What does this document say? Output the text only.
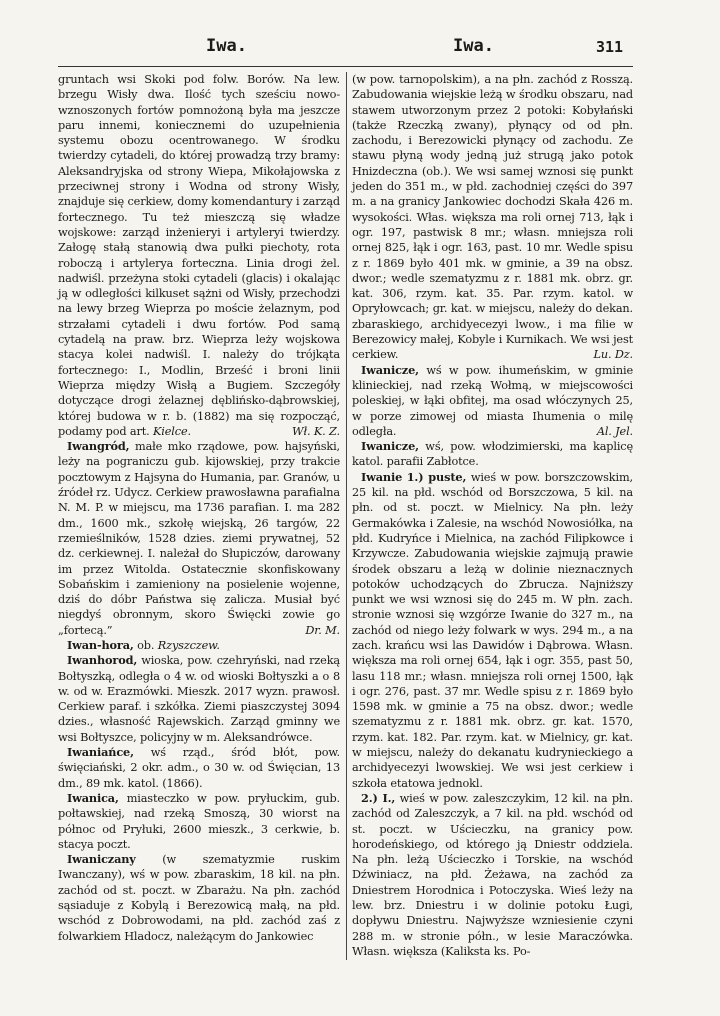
Iwa.	Iwa.	311

gruntach wsi Skoki pod folw. Borów. Na lew. brzegu Wisły dwa. Ilość tych sześciu nowo-wznoszonych fortów pomnożoną była ma jeszcze paru innemi, koniecznemi do uzupełnienia systemu obozu ocentrowanego. W środku twierdzy cytadeli, do której prowadzą trzy bramy: Aleksandryjska od strony Wiepa, Mikołajowska z przeciwnej strony i Wodna od strony Wisły, znajduje się cerkiew, domy komendantury i zarząd fortecznego. Tu też mieszczą się władze wojskowe: zarząd inżenieryi i artyleryi twierdzy. Załogę stałą stanowią dwa pułki piechoty, rota roboczą i artylerya forteczna. Linia drogi żel. nadwiśl. przeżyna stoki cytadeli (glacis) i okalając ją w odległości kilkuset sążni od Wisły, przechodzi na lewy brzeg Wieprza po moście żelaznym, pod strzałami cytadeli i dwu fortów. Pod samą cytadelą na praw. brz. Wieprza leży wojskowa stacya kolei nadwiśl. I. należy do trójkąta fortecznego: I., Modlin, Brześć i broni linii Wieprza między Wisłą a Bugiem. Szczegóły dotyczące drogi żelaznej dęblińsko-dąbrowskiej, której budowa w r. b. (1882) ma się rozpocząć, podamy pod art. Kielce.	Wł. K. Z.

Iwangród, małe mko rządowe, pow. hajsyński, leży na pograniczu gub. kijowskiej, przy trakcie pocztowym z Hajsyna do Humania, par. Granów, u źródeł rz. Udycz. Cerkiew prawosławna parafialna N. M. P. w miejscu, ma 1736 parafian. I. ma 282 dm., 1600 mk., szkołę wiejską, 26 targów, 22 rzemieślników, 1528 dzies. ziemi prywatnej, 52 dz. cerkiewnej. I. należał do Słupiczów, darowany im przez Witolda. Ostatecznie skonfiskowany Sobańskim i zamieniony na posielenie wojenne, dziś do dóbr Państwa się zalicza. Musiał być niegdyś obronnym, skoro Święcki zowie go „fortecą.”	Dr. M.

Iwan-hora, ob. Rzyszczew.

Iwanhorod, wioska, pow. czehryński, nad rzeką Bołtyszką, odległa o 4 w. od wioski Bołtyszki a o 8 w. od w. Erazmówki. Mieszk. 2017 wyzn. prawosł. Cerkiew paraf. i szkółka. Ziemi piaszczystej 3094 dzies., własność Rajewskich. Zarząd gminny we wsi Bołtyszce, policyjny w m. Aleksandrówce.

Iwaniańce, wś rząd., śród błót, pow. święciański, 2 okr. adm., o 30 w. od Święcian, 13 dm., 89 mk. katol. (1866).

Iwanica, miasteczko w pow. pryłuckim, gub. połtawskiej, nad rzeką Smoszą, 30 wiorst na północ od Pryłuki, 2600 mieszk., 3 cerkwie, b. stacya poczt.

Iwaniczany (w szematyzmie ruskim Iwanczany), wś w pow. zbaraskim, 18 kil. na płn. zachód od st. poczt. w Zbarażu. Na płn. zachód sąsiaduje z Kobylą i Berezowicą małą, na płd. wschód z Dobrowodami, na płd. zachód zaś z folwarkiem Hladocz, należącym do Jankowiec

(w pow. tarnopolskim), a na płn. zachód z Rosszą. Zabudowania wiejskie leżą w środku obszaru, nad stawem utworzonym przez 2 potoki: Kobyłański (także Rzeczką zwany), płynący od od płn. zachodu, i Berezowicki płynący od zachodu. Ze stawu płyną wody jedną już strugą jako potok Hnizdeczna (ob.). We wsi samej wznosi się punkt jeden do 351 m., w płd. zachodniej części do 397 m. a na granicy Jankowiec dochodzi Skała 426 m. wysokości. Włas. większa ma roli ornej 713, łąk i ogr. 197, pastwisk 8 mr.; własn. mniejsza roli ornej 825, łąk i ogr. 163, past. 10 mr. Wedle spisu z r. 1869 było 401 mk. w gminie, a 39 na obsz. dwor.; wedle szematyzmu z r. 1881 mk. obrz. gr. kat. 306, rzym. kat. 35. Par. rzym. katol. w Opryłowcach; gr. kat. w miejscu, należy do dekan. zbaraskiego, archidyecezyi lwow., i ma filie w Berezowicy małej, Kobyle i Kurnikach. We wsi jest cerkiew.	Lu. Dz.

Iwanicze, wś w pow. ihumeńskim, w gminie klinieckiej, nad rzeką Wołmą, w miejscowości poleskiej, w łąki obfitej, ma osad włóczynych 25, w porze zimowej od miasta Ihumenia o milę odległa.	Al. Jel.

Iwanicze, wś, pow. włodzimierski, ma kaplicę katol. parafii Zabłotce.

Iwanie 1.) puste, wieś w pow. borszczowskim, 25 kil. na płd. wschód od Borszczowa, 5 kil. na płn. od st. poczt. w Mielnicy. Na płn. leży Germakówka i Zalesie, na wschód Nowosiółka, na płd. Kudryńce i Mielnica, na zachód Filipkowce i Krzywcze. Zabudowania wiejskie zajmują prawie środek obszaru a leżą w dolinie nieznacznych potoków uchodzących do Zbrucza. Najniższy punkt we wsi wznosi się do 245 m. W płn. zach. stronie wznosi się wzgórze Iwanie do 327 m., na zachód od niego leży folwark w wys. 294 m., a na zach. krańcu wsi las Dawidów i Dąbrowa. Własn. większa ma roli ornej 654, łąk i ogr. 355, past 50, lasu 118 mr.; własn. mniejsza roli ornej 1500, łąk i ogr. 276, past. 37 mr. Wedle spisu z r. 1869 było 1598 mk. w gminie a 75 na obsz. dwor.; wedle szematyzmu z r. 1881 mk. obrz. gr. kat. 1570, rzym. kat. 182. Par. rzym. kat. w Mielnicy, gr. kat. w miejscu, należy do dekanatu kudrynieckiego a archidyecezyi lwowskiej. We wsi jest cerkiew i szkoła etatowa jednokl.

2.) I., wieś w pow. zaleszczykim, 12 kil. na płn. zachód od Zaleszczyk, a 7 kil. na płd. wschód od st. poczt. w Uścieczku, na granicy pow. horodeńskiego, od którego ją Dniestr oddziela. Na płn. leżą Uścieczko i Torskie, na wschód Dźwiniacz, na płd. Żeżawa, na zachód za Dniestrem Horodnica i Potoczyska. Wieś leży na lew. brz. Dniestru i w dolinie potoku Ługi, dopływu Dniestru. Najwyższe wzniesienie czyni 288 m. w stronie półn., w lesie Maraczówka. Własn. większa (Kaliksta ks. Po-
